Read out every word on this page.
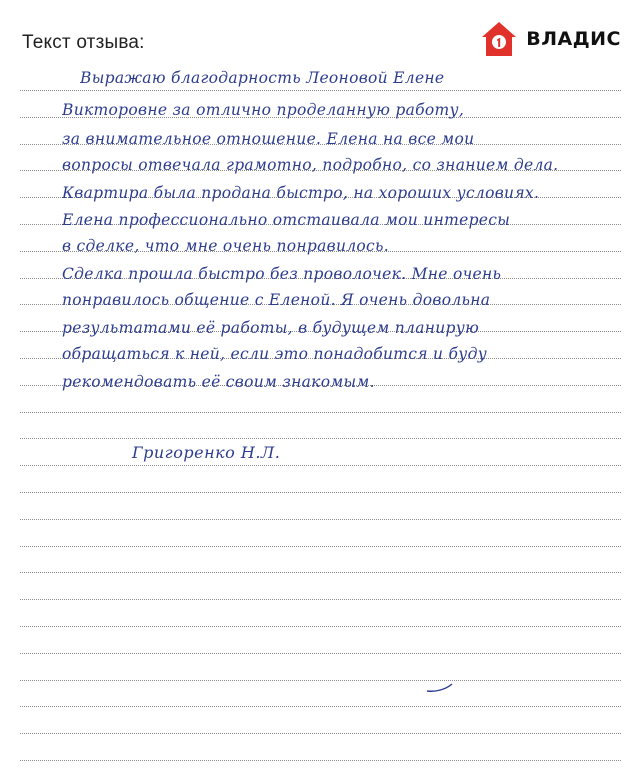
Текст отзыва:	ВЛАДИС
Выражаю благодарность Леоновой Елене
Викторовне за отлично проделанную работу,
за внимательное отношение. Елена на все мои
вопросы отвечала грамотно, подробно, со знанием дела.
Квартира была продана быстро, на хороших условиях.
Елена профессионально отстаивала мои интересы
в сделке, что мне очень понравилось.
Сделка прошла быстро без проволочек. Мне очень
понравилось общение с Еленой. Я очень довольна
результатами её работы, в будущем планирую
обращаться к ней, если это понадобится и буду
рекомендовать её своим знакомым.
Григоренко Н.Л.
